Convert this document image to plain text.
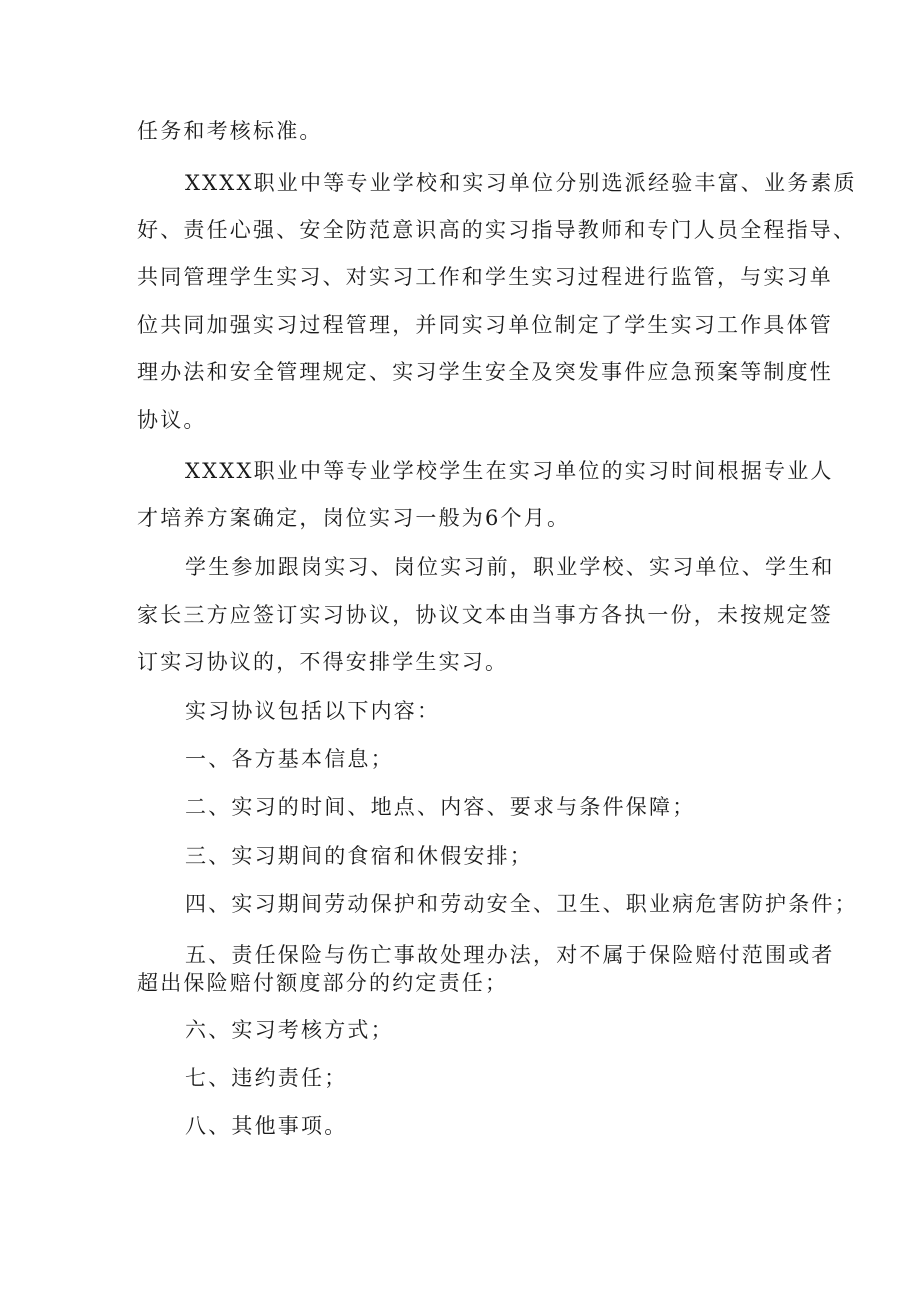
任务和考核标准。
XXXX职业中等专业学校和实习单位分别选派经验丰富、业务素质
好、责任心强、安全防范意识高的实习指导教师和专门人员全程指导、
共同管理学生实习、对实习工作和学生实习过程进行监管，与实习单
位共同加强实习过程管理，并同实习单位制定了学生实习工作具体管
理办法和安全管理规定、实习学生安全及突发事件应急预案等制度性
协议。
XXXX职业中等专业学校学生在实习单位的实习时间根据专业人
才培养方案确定，岗位实习一般为6个月。
学生参加跟岗实习、岗位实习前，职业学校、实习单位、学生和
家长三方应签订实习协议，协议文本由当事方各执一份，未按规定签
订实习协议的，不得安排学生实习。
实习协议包括以下内容：
一、各方基本信息；
二、实习的时间、地点、内容、要求与条件保障；
三、实习期间的食宿和休假安排；
四、实习期间劳动保护和劳动安全、卫生、职业病危害防护条件；
五、责任保险与伤亡事故处理办法，对不属于保险赔付范围或者
超出保险赔付额度部分的约定责任；
六、实习考核方式；
七、违约责任；
八、其他事项。
